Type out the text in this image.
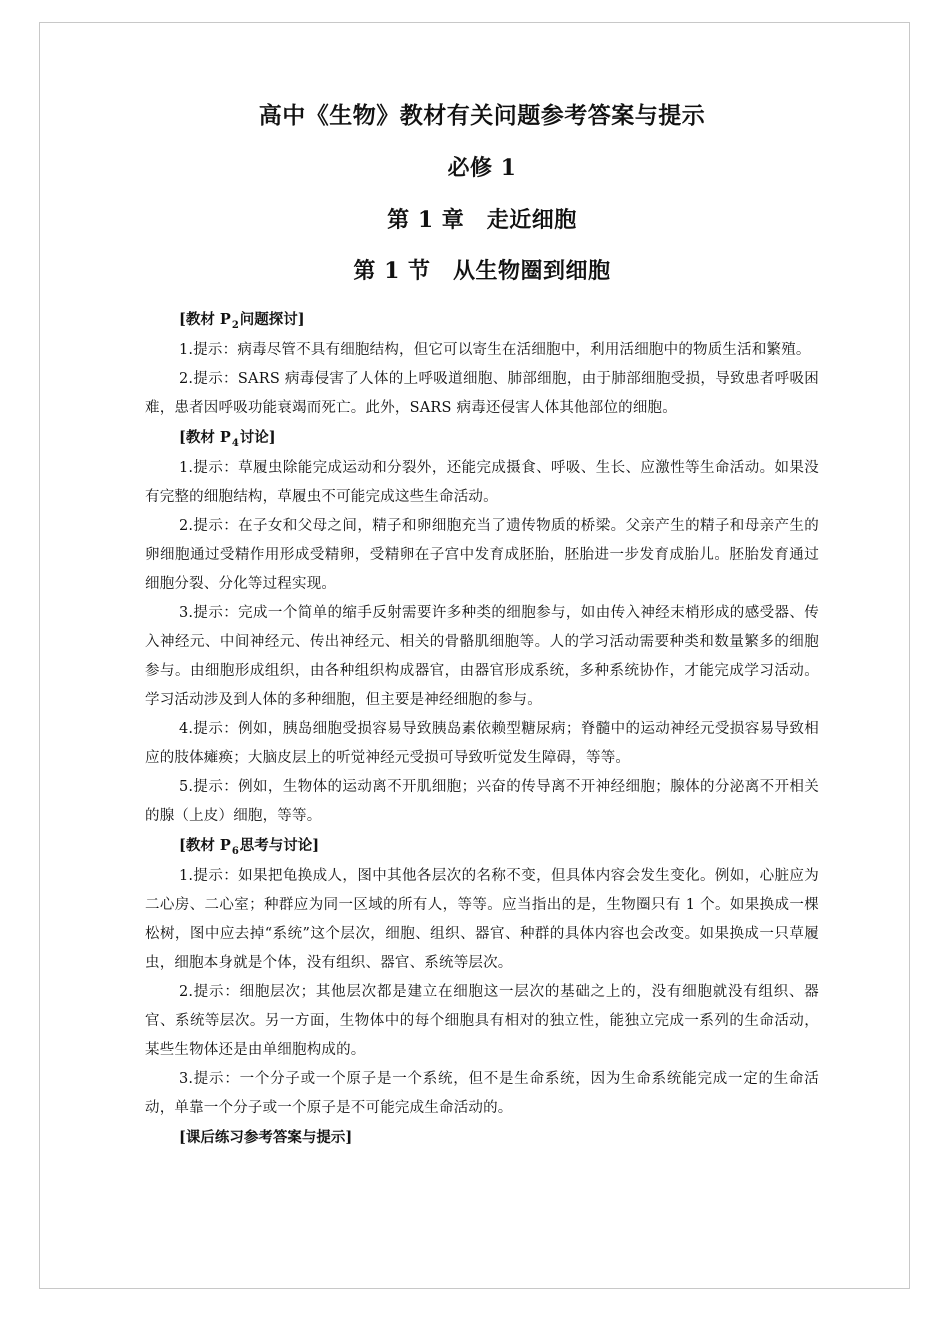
高中《生物》教材有关问题参考答案与提示
必修 1
第 1 章　走近细胞
第 1 节　从生物圈到细胞

[教材 $P_2$问题探讨]

1.提示：病毒尽管不具有细胞结构，但它可以寄生在活细胞中，利用活细胞中的物质生活和繁殖。

2.提示：SARS 病毒侵害了人体的上呼吸道细胞、肺部细胞，由于肺部细胞受损，导致患者呼吸困难，患者因呼吸功能衰竭而死亡。此外，SARS 病毒还侵害人体其他部位的细胞。

[教材 $P_4$讨论]

1.提示：草履虫除能完成运动和分裂外，还能完成摄食、呼吸、生长、应激性等生命活动。如果没有完整的细胞结构，草履虫不可能完成这些生命活动。

2.提示：在子女和父母之间，精子和卵细胞充当了遗传物质的桥梁。父亲产生的精子和母亲产生的卵细胞通过受精作用形成受精卵，受精卵在子宫中发育成胚胎，胚胎进一步发育成胎儿。胚胎发育通过细胞分裂、分化等过程实现。

3.提示：完成一个简单的缩手反射需要许多种类的细胞参与，如由传入神经末梢形成的感受器、传入神经元、中间神经元、传出神经元、相关的骨骼肌细胞等。人的学习活动需要种类和数量繁多的细胞参与。由细胞形成组织，由各种组织构成器官，由器官形成系统，多种系统协作，才能完成学习活动。学习活动涉及到人体的多种细胞，但主要是神经细胞的参与。

4.提示：例如，胰岛细胞受损容易导致胰岛素依赖型糖尿病；脊髓中的运动神经元受损容易导致相应的肢体瘫痪；大脑皮层上的听觉神经元受损可导致听觉发生障碍，等等。

5.提示：例如，生物体的运动离不开肌细胞；兴奋的传导离不开神经细胞；腺体的分泌离不开相关的腺（上皮）细胞，等等。

[教材 $P_6$思考与讨论]

1.提示：如果把龟换成人，图中其他各层次的名称不变，但具体内容会发生变化。例如，心脏应为二心房、二心室；种群应为同一区域的所有人，等等。应当指出的是，生物圈只有 1 个。如果换成一棵松树，图中应去掉“系统”这个层次，细胞、组织、器官、种群的具体内容也会改变。如果换成一只草履虫，细胞本身就是个体，没有组织、器官、系统等层次。

2.提示：细胞层次；其他层次都是建立在细胞这一层次的基础之上的，没有细胞就没有组织、器官、系统等层次。另一方面，生物体中的每个细胞具有相对的独立性，能独立完成一系列的生命活动，某些生物体还是由单细胞构成的。

3.提示：一个分子或一个原子是一个系统，但不是生命系统，因为生命系统能完成一定的生命活动，单靠一个分子或一个原子是不可能完成生命活动的。

[课后练习参考答案与提示]
